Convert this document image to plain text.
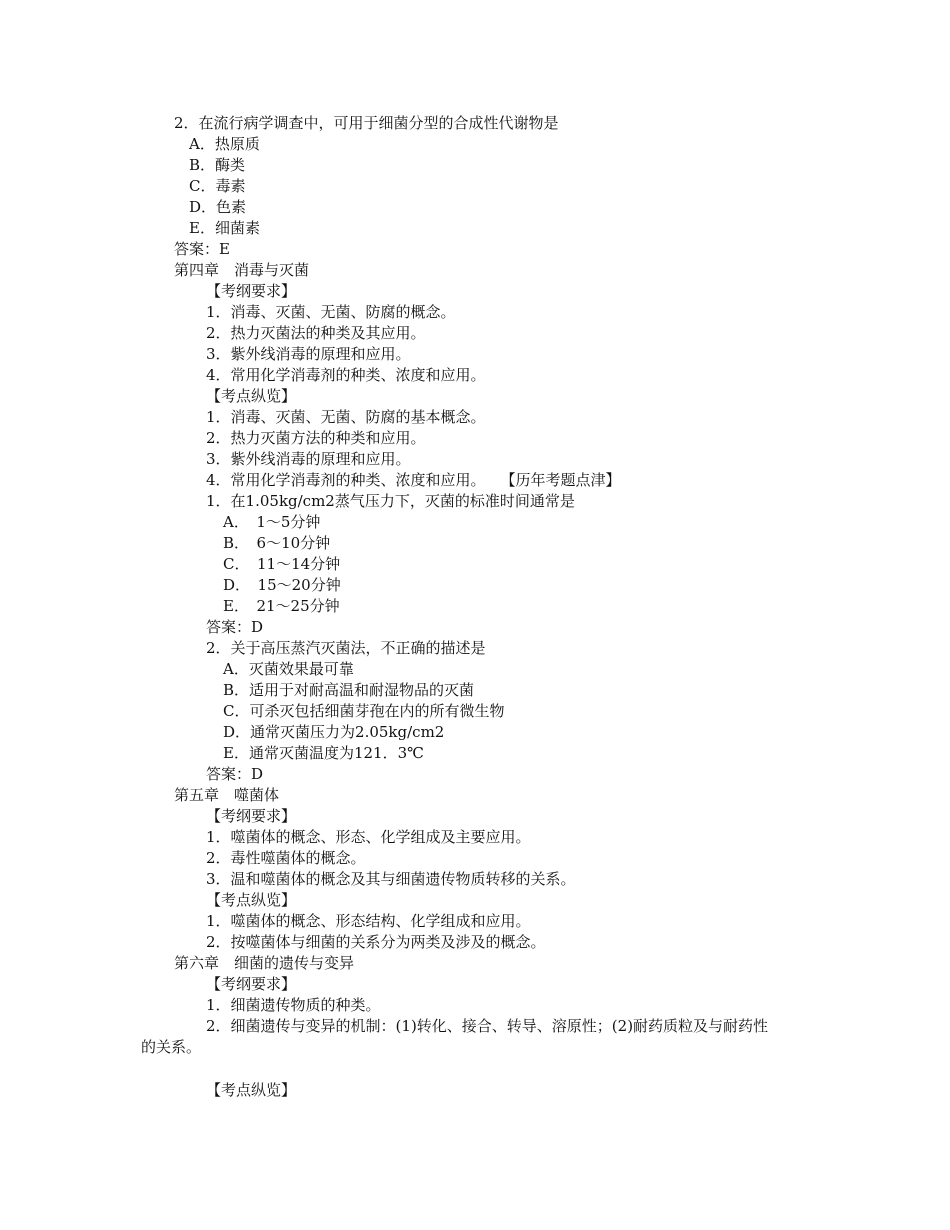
2．在流行病学调查中，可用于细菌分型的合成性代谢物是
A．热原质
B．酶类
C．毒素
D．色素
E．细菌素
答案：E
第四章　消毒与灭菌
【考纲要求】
1．消毒、灭菌、无菌、防腐的概念。
2．热力灭菌法的种类及其应用。
3．紫外线消毒的原理和应用。
4．常用化学消毒剂的种类、浓度和应用。
【考点纵览】
1．消毒、灭菌、无菌、防腐的基本概念。
2．热力灭菌方法的种类和应用。
3．紫外线消毒的原理和应用。
4．常用化学消毒剂的种类、浓度和应用。　　【历年考题点津】
1．在1.05kg/cm2蒸气压力下，灭菌的标准时间通常是
A．　1～5分钟
B．　6～10分钟
C．　11～14分钟
D．　15～20分钟
E．　21～25分钟
答案：D
2．关于高压蒸汽灭菌法，不正确的描述是
A．灭菌效果最可靠
B．适用于对耐高温和耐湿物品的灭菌
C．可杀灭包括细菌芽孢在内的所有微生物
D．通常灭菌压力为2.05kg/cm2
E．通常灭菌温度为121．3℃
答案：D
第五章　噬菌体
【考纲要求】
1．噬菌体的概念、形态、化学组成及主要应用。
2．毒性噬菌体的概念。
3．温和噬菌体的概念及其与细菌遗传物质转移的关系。
【考点纵览】
1．噬菌体的概念、形态结构、化学组成和应用。
2．按噬菌体与细菌的关系分为两类及涉及的概念。
第六章　细菌的遗传与变异
【考纲要求】
1．细菌遗传物质的种类。
2．细菌遗传与变异的机制：(1)转化、接合、转导、溶原性；(2)耐药质粒及与耐药性
的关系。
【考点纵览】
